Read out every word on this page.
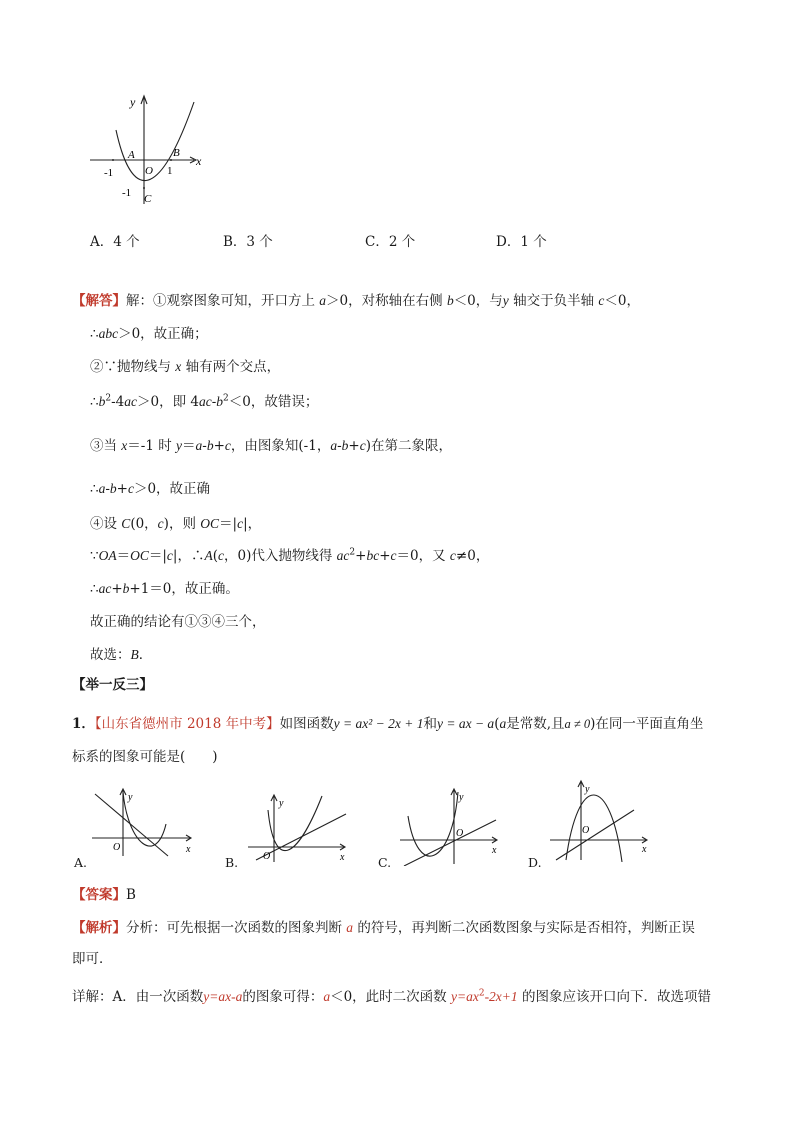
y
x
A	B
O
C
-1	1
-1
A．4 个	B．3 个	C．2 个	D．1 个
【解答】解：①观察图象可知，开口方上 a＞0，对称轴在右侧 b＜0，与y 轴交于负半轴 c＜0，
∴abc＞0，故正确；
②∵抛物线与 x 轴有两个交点，
$\therefore b^2-4ac>0$，即 $4ac-b^2<0$，故错误；
③当 x＝-1 时 y＝a-b+c，由图象知(-1，a-b+c)在第二象限，
∴a-b+c＞0，故正确
④设 C(0，c)，则 OC＝|c|，
∵OA＝OC＝|c|，∴A(c，0)代入抛物线得 $ac^2+bc+c=0$，又 c≠0，
∴ac+b+1＝0，故正确。
故正确的结论有①③④三个，
故选：B．
【举一反三】
1．【山东省德州市 2018 年中考】如图函数y = ax² − 2x + 1和y = ax − a(a是常数,且a ≠ 0)在同一平面直角坐
标系的图象可能是(　　)
y
x
O
A.
y
x
O
B.
y
x
O
C.
y
x
O
D.
【答案】B
【解析】分析：可先根据一次函数的图象判断 a 的符号，再判断二次函数图象与实际是否相符，判断正误
即可．
详解：A．由一次函数y=ax-a的图象可得：a＜0，此时二次函数 $y=ax^2-2x+1$ 的图象应该开口向下．故选项错
